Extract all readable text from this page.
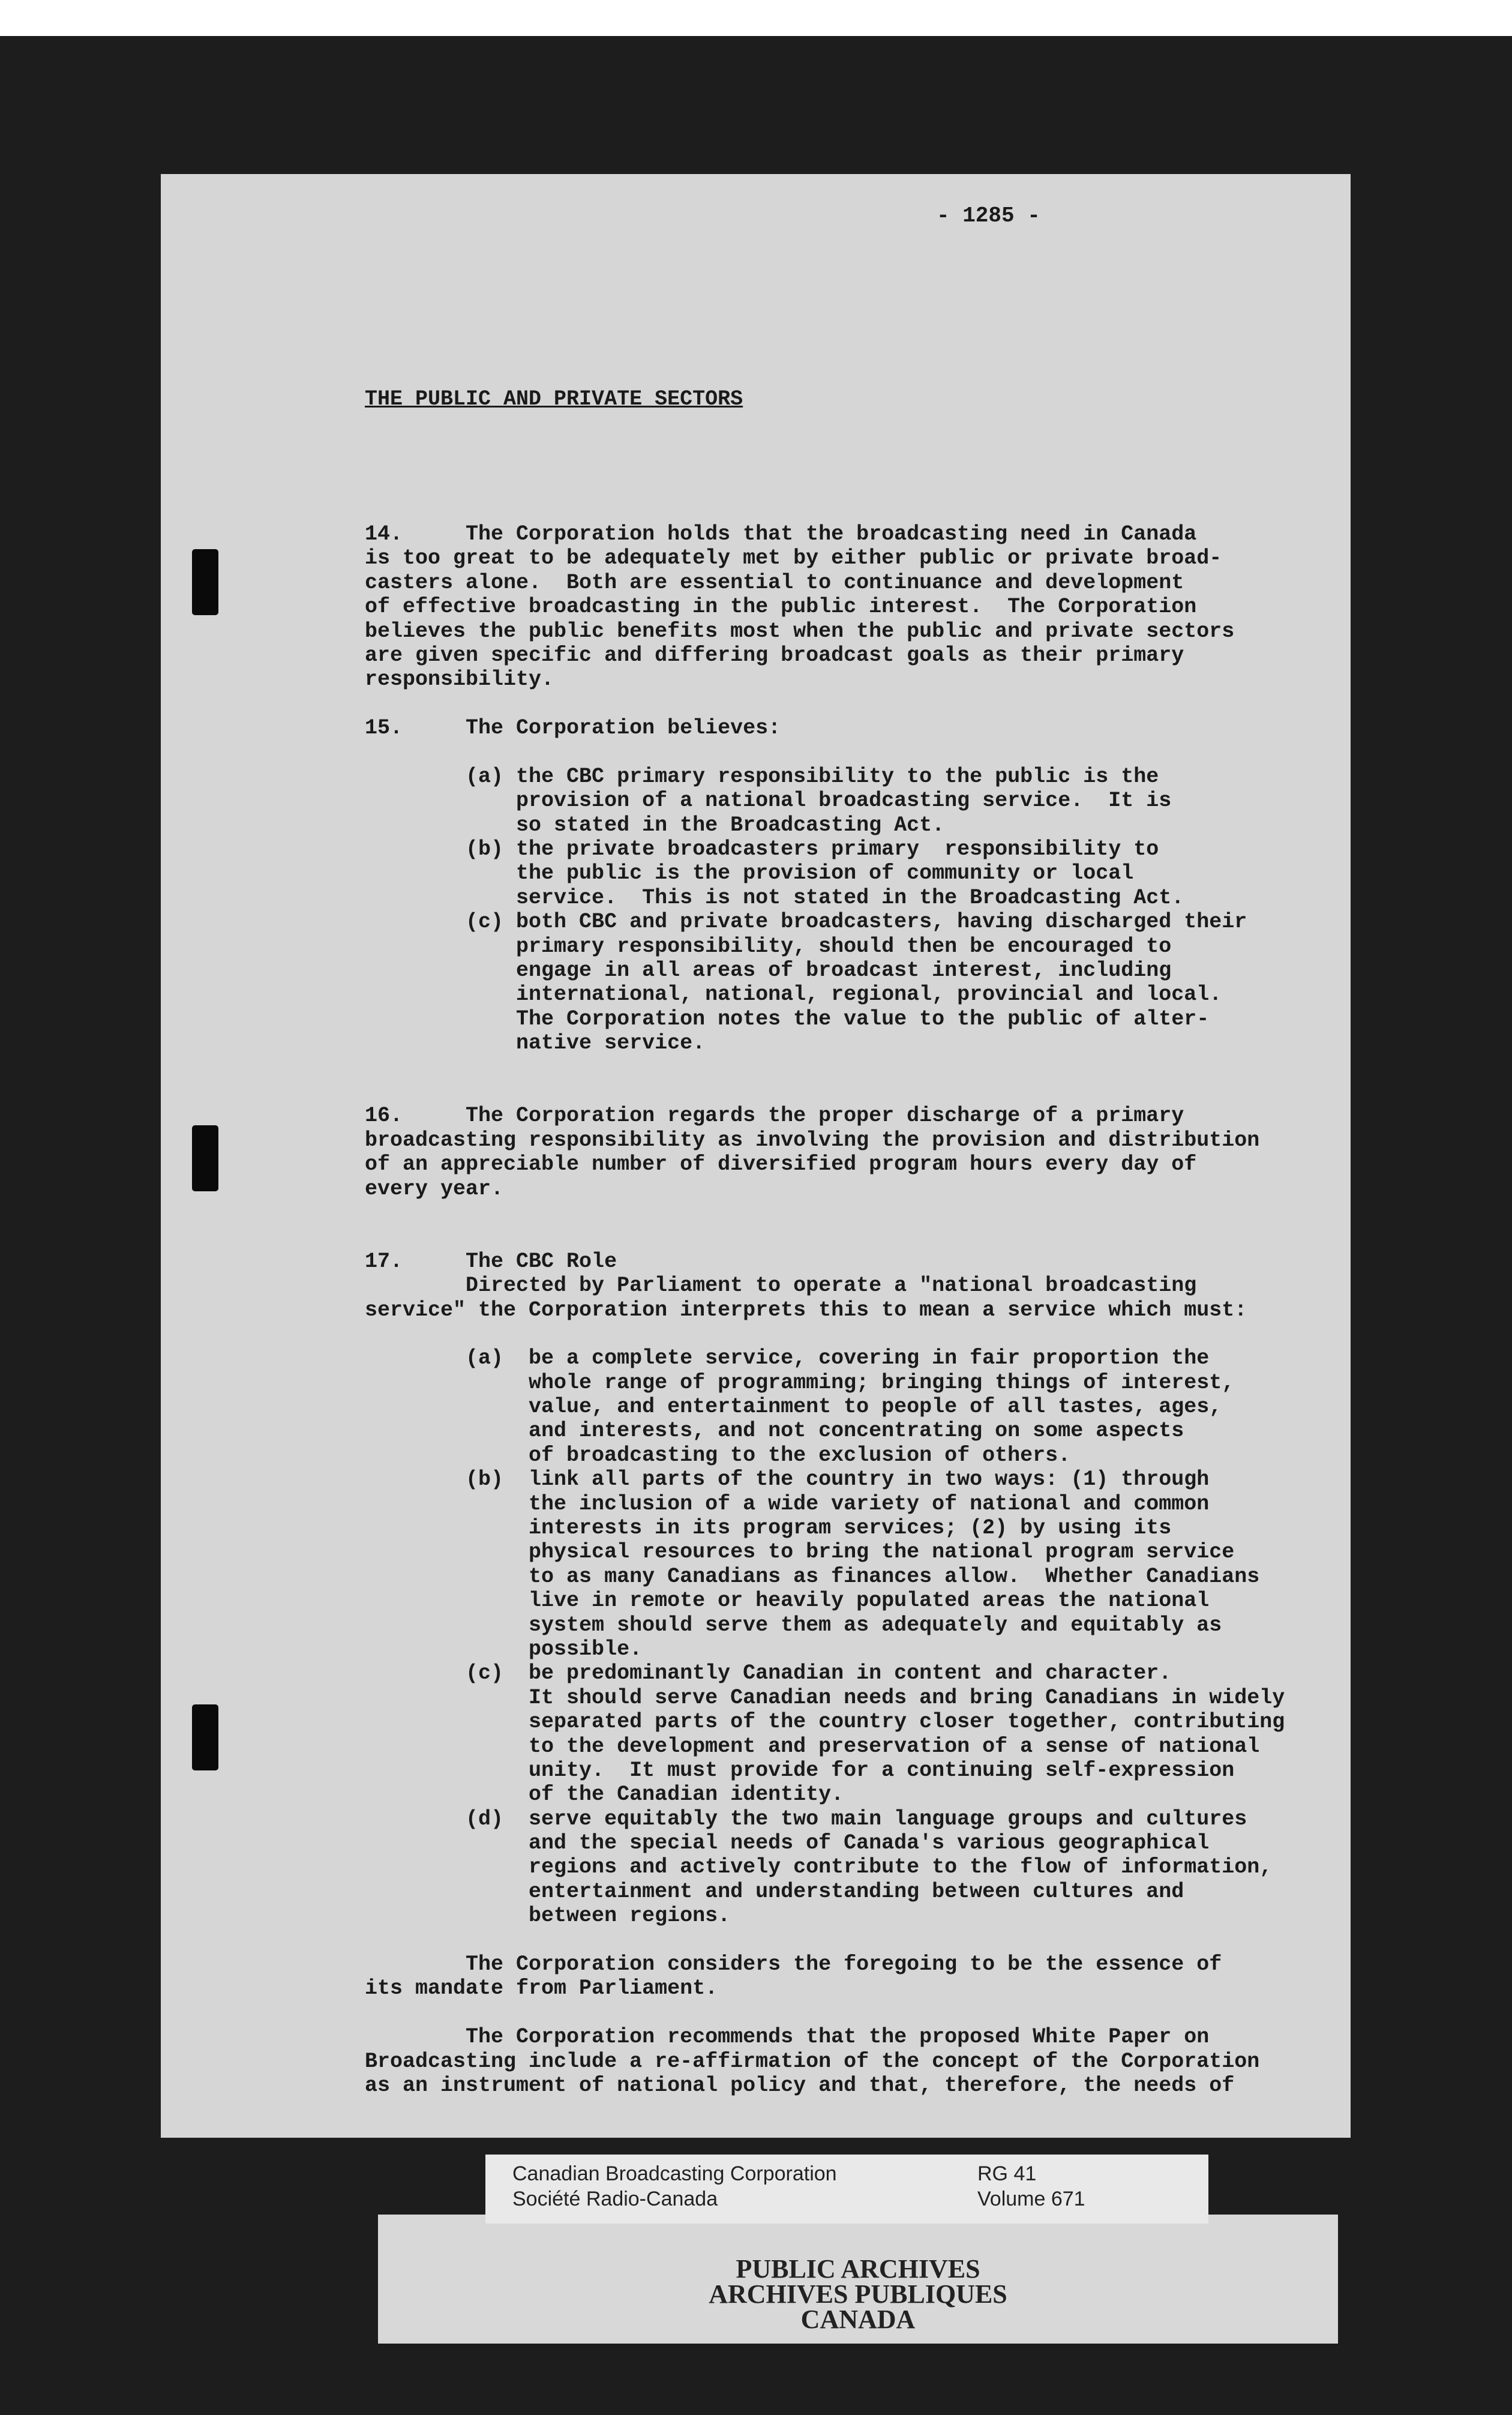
- 1285 -
THE PUBLIC AND PRIVATE SECTORS
14.     The Corporation holds that the broadcasting need in Canada
is too great to be adequately met by either public or private broad-
casters alone.  Both are essential to continuance and development
of effective broadcasting in the public interest.  The Corporation
believes the public benefits most when the public and private sectors
are given specific and differing broadcast goals as their primary
responsibility.
15.     The Corporation believes:
(a) the CBC primary responsibility to the public is the
provision of a national broadcasting service.  It is
so stated in the Broadcasting Act.
(b) the private broadcasters primary  responsibility to
the public is the provision of community or local
service.  This is not stated in the Broadcasting Act.
(c) both CBC and private broadcasters, having discharged their
primary responsibility, should then be encouraged to
engage in all areas of broadcast interest, including
international, national, regional, provincial and local.
The Corporation notes the value to the public of alter-
native service.
16.     The Corporation regards the proper discharge of a primary
broadcasting responsibility as involving the provision and distribution
of an appreciable number of diversified program hours every day of
every year.
17.     The CBC Role
Directed by Parliament to operate a "national broadcasting
service" the Corporation interprets this to mean a service which must:
(a)  be a complete service, covering in fair proportion the
whole range of programming; bringing things of interest,
value, and entertainment to people of all tastes, ages,
and interests, and not concentrating on some aspects
of broadcasting to the exclusion of others.
(b)  link all parts of the country in two ways: (1) through
the inclusion of a wide variety of national and common
interests in its program services; (2) by using its
physical resources to bring the national program service
to as many Canadians as finances allow.  Whether Canadians
live in remote or heavily populated areas the national
system should serve them as adequately and equitably as
possible.
(c)  be predominantly Canadian in content and character.
It should serve Canadian needs and bring Canadians in widely
separated parts of the country closer together, contributing
to the development and preservation of a sense of national
unity.  It must provide for a continuing self-expression
of the Canadian identity.
(d)  serve equitably the two main language groups and cultures
and the special needs of Canada's various geographical
regions and actively contribute to the flow of information,
entertainment and understanding between cultures and
between regions.
The Corporation considers the foregoing to be the essence of
its mandate from Parliament.
The Corporation recommends that the proposed White Paper on
Broadcasting include a re-affirmation of the concept of the Corporation
as an instrument of national policy and that, therefore, the needs of
PUBLIC ARCHIVES
ARCHIVES PUBLIQUES
CANADA
Canadian Broadcasting Corporation
Société Radio-Canada
RG 41
Volume 671
